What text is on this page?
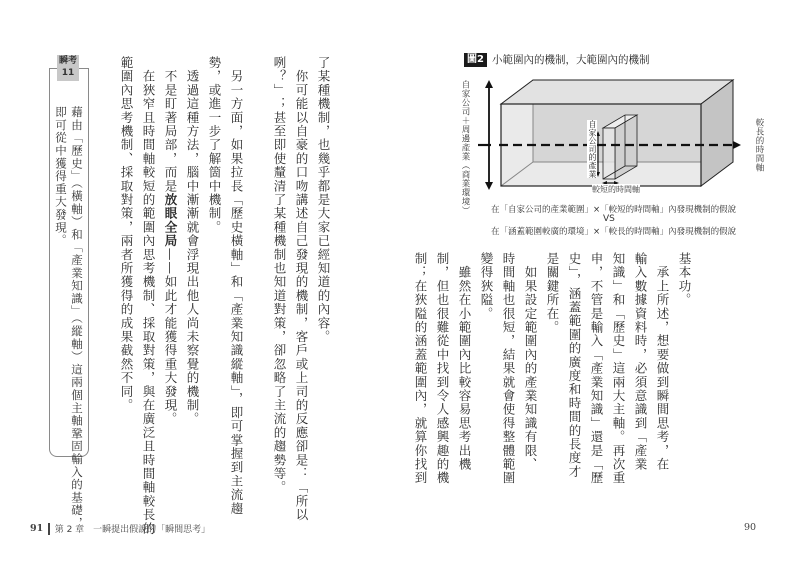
瞬考
11
藉由「歷史」（橫軸）和「產業知識」（縱軸）這兩個主軸鞏固輸入的基礎，
即可從中獲得重大發現。	了某種機制，也幾乎都是大家已經知道的內容。
　你可能以自豪的口吻講述自己發現的機制，客戶或上司的反應卻是：「所以
咧？」；甚至即使釐清了某種機制也知道對策，卻忽略了主流的趨勢等。
　另一方面，如果拉長「歷史橫軸」和「產業知識縱軸」，即可掌握到主流趨
勢，或進一步了解箇中機制。
　透過這種方法，腦中漸漸就會浮現出他人尚未察覺的機制。
　不是盯著局部，而是放眼全局——如此才能獲得重大發現。
　在狹窄且時間軸較短的範圍內思考機制、採取對策，與在廣泛且時間軸較長的
範圍內思考機制、採取對策，兩者所獲得的成果截然不同。
91 第 2 章　一瞬提出假說的「瞬間思考」
圖2 小範圍內的機制，大範圍內的機制
自家公司＋周邊產業（商業環境）	較長的時間軸
自家公司的產業
較短的時間軸
在「自家公司的產業範圍」×「較短的時間軸」內發現機制的假說
VS
在「涵蓋範圍較廣的環境」×「較長的時間軸」內發現機制的假說
基本功。
　承上所述，想要做到瞬間思考，在
輸入數據資料時，必須意識到「產業
知識」和「歷史」這兩大主軸。再次重
申，不管是輸入「產業知識」還是「歷
史」，涵蓋範圍的廣度和時間的長度才
是關鍵所在。
　如果設定範圍內的產業知識有限、
時間軸也很短，結果就會使得整體範圍
變得狹隘。
　雖然在小範圍內比較容易思考出機
制，但也很難從中找到令人感興趣的機
制；在狹隘的涵蓋範圍內，就算你找到
90
